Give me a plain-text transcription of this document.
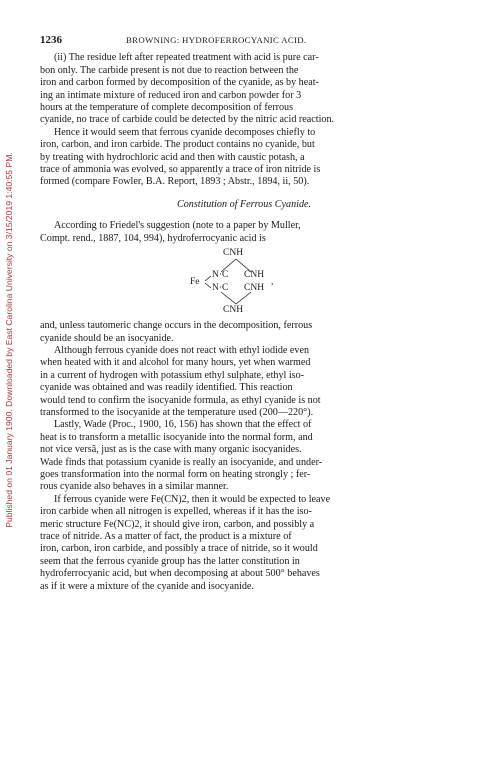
Published on 01 January 1900. Downloaded by East Carolina University on 3/15/2019 1:40:55 PM.
1236	BROWNING: HYDROFERROCYANIC ACID.

(ii) The residue left after repeated treatment with acid is pure car-

bon only. The carbide present is not due to reaction between the

iron and carbon formed by decomposition of the cyanide, as by heat-

ing an intimate mixture of reduced iron and carbon powder for 3

hours at the temperature of complete decomposition of ferrous

cyanide, no trace of carbide could be detected by the nitric acid reaction.

Hence it would seem that ferrous cyanide decomposes chiefly to

iron, carbon, and iron carbide. The product contains no cyanide, but

by treating with hydrochloric acid and then with caustic potash, a

trace of ammonia was evolved, so apparently a trace of iron nitride is

formed (compare Fowler, B.A. Report, 1893 ; Abstr., 1894, ii, 50).

Constitution of Ferrous Cyanide.

According to Friedel's suggestion (note to a paper by Muller,

Compt. rend., 1887, 104, 994), hydroferrocyanic acid is

CNH
Fe
N·C
N·C
CNH
CNH
,
CNH

and, unless tautomeric change occurs in the decomposition, ferrous

cyanide should be an isocyanide.

Although ferrous cyanide does not react with ethyl iodide even

when heated with it and alcohol for many hours, yet when warmed

in a current of hydrogen with potassium ethyl sulphate, ethyl iso-

cyanide was obtained and was readily identified. This reaction

would tend to confirm the isocyanide formula, as ethyl cyanide is not

transformed to the isocyanide at the temperature used (200—220°).

Lastly, Wade (Proc., 1900, 16, 156) has shown that the effect of

heat is to transform a metallic isocyanide into the normal form, and

not vice versâ, just as is the case with many organic isocyanides.

Wade finds that potassium cyanide is really an isocyanide, and under-

goes transformation into the normal form on heating strongly ; fer-

rous cyanide also behaves in a similar manner.

If ferrous cyanide were Fe(CN)2, then it would be expected to leave

iron carbide when all nitrogen is expelled, whereas if it has the iso-

meric structure Fe(NC)2, it should give iron, carbon, and possibly a

trace of nitride. As a matter of fact, the product is a mixture of

iron, carbon, iron carbide, and possibly a trace of nitride, so it would

seem that the ferrous cyanide group has the latter constitution in

hydroferrocyanic acid, but when decomposing at about 500° behaves

as if it were a mixture of the cyanide and isocyanide.
